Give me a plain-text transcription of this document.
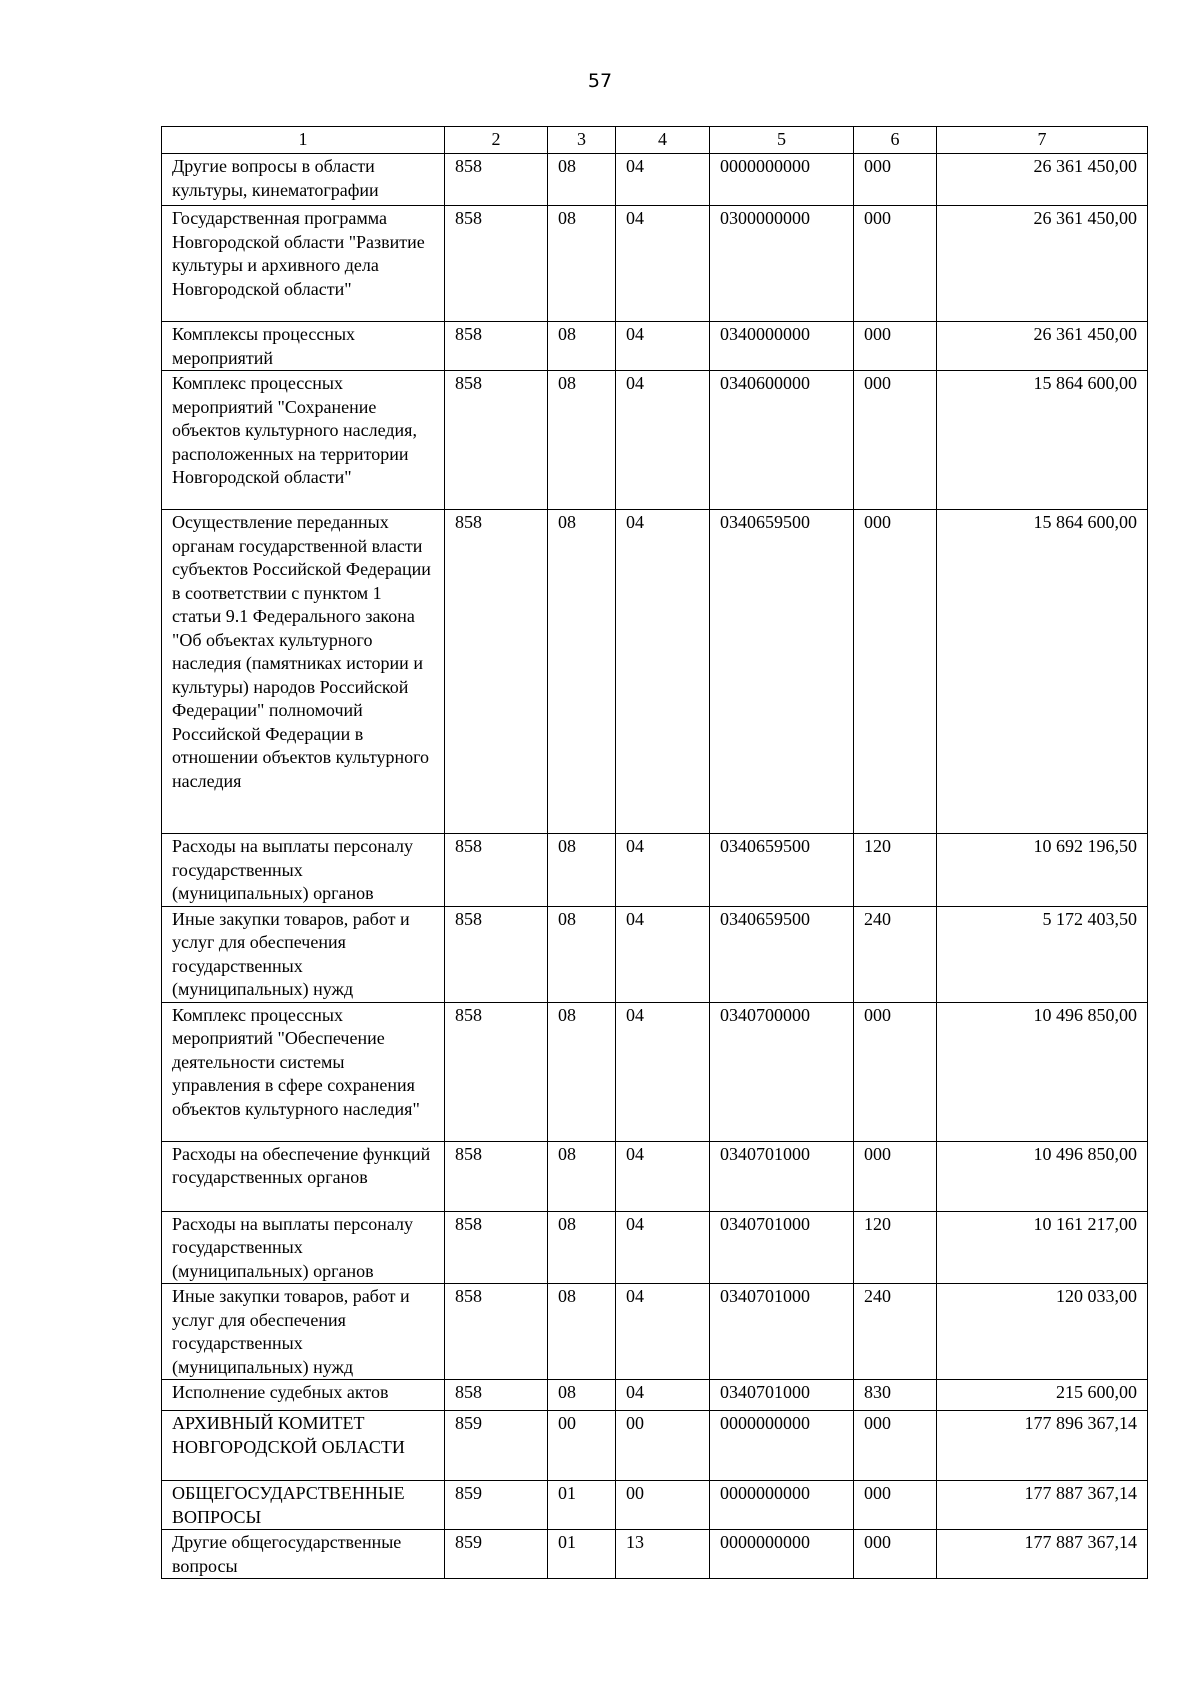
57
1	2	3	4	5	6	7
Другие вопросы в области культуры, кинематографии	858	08	04	0000000000	000	26 361 450,00
Государственная программа Новгородской области "Развитие культуры и архивного дела Новгородской области"	858	08	04	0300000000	000	26 361 450,00
Комплексы процессных мероприятий	858	08	04	0340000000	000	26 361 450,00
Комплекс процессных мероприятий "Сохранение объектов культурного наследия, расположенных на территории Новгородской области"	858	08	04	0340600000	000	15 864 600,00
Осуществление переданных органам государственной власти субъектов Российской Федерации в соответствии с пунктом 1 статьи 9.1 Федерального закона "Об объектах культурного наследия (памятниках истории и культуры) народов Российской Федерации" полномочий Российской Федерации в отношении объектов культурного наследия	858	08	04	0340659500	000	15 864 600,00
Расходы на выплаты персоналу государственных (муниципальных) органов	858	08	04	0340659500	120	10 692 196,50
Иные закупки товаров, работ и услуг для обеспечения государственных (муниципальных) нужд	858	08	04	0340659500	240	5 172 403,50
Комплекс процессных мероприятий "Обеспечение деятельности системы управления в сфере сохранения объектов культурного наследия"	858	08	04	0340700000	000	10 496 850,00
Расходы на обеспечение функций государственных органов	858	08	04	0340701000	000	10 496 850,00
Расходы на выплаты персоналу государственных (муниципальных) органов	858	08	04	0340701000	120	10 161 217,00
Иные закупки товаров, работ и услуг для обеспечения государственных (муниципальных) нужд	858	08	04	0340701000	240	120 033,00
Исполнение судебных актов	858	08	04	0340701000	830	215 600,00
АРХИВНЫЙ КОМИТЕТ НОВГОРОДСКОЙ ОБЛАСТИ	859	00	00	0000000000	000	177 896 367,14
ОБЩЕГОСУДАРСТВЕННЫЕ ВОПРОСЫ	859	01	00	0000000000	000	177 887 367,14
Другие общегосударственные вопросы	859	01	13	0000000000	000	177 887 367,14
